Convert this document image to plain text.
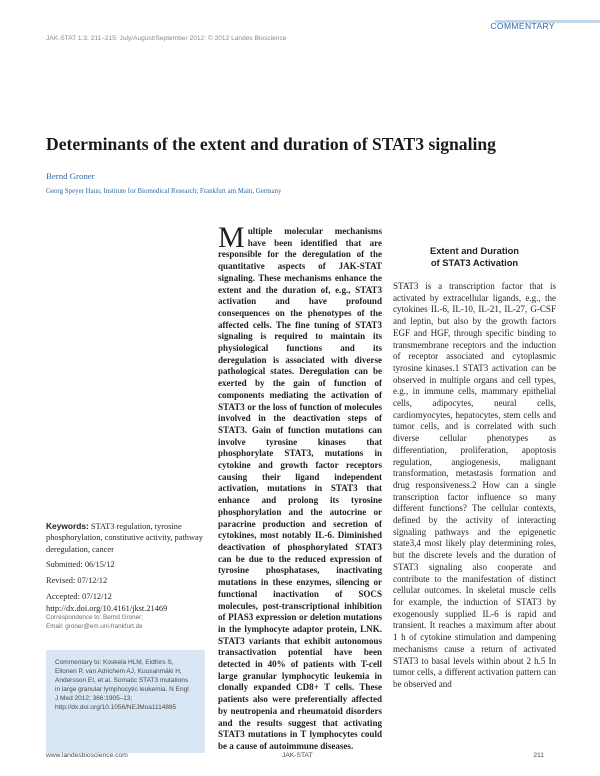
COMMENTARY
JAK-STAT 1:3, 211–215; July/August/September 2012; © 2012 Landes Bioscience
Determinants of the extent and duration of STAT3 signaling
Bernd Groner
Georg Speyer Haus; Institute for Biomedical Research; Frankfurt am Main, Germany

Multiple molecular mechanisms have been identified that are responsible for the deregulation of the quantitative aspects of JAK-STAT signaling. These mechanisms enhance the extent and the duration of, e.g., STAT3 activation and have profound consequences on the phenotypes of the affected cells. The fine tuning of STAT3 signaling is required to maintain its physiological functions and its deregulation is associated with diverse pathological states. Deregulation can be exerted by the gain of function of components mediating the activation of STAT3 or the loss of function of molecules involved in the deactivation steps of STAT3. Gain of function mutations can involve tyrosine kinases that phosphorylate STAT3, mutations in cytokine and growth factor receptors causing their ligand independent activation, mutations in STAT3 that enhance and prolong its tyrosine phosphorylation and the autocrine or paracrine production and secretion of cytokines, most notably IL-6. Diminished deactivation of phosphorylated STAT3 can be due to the reduced expression of tyrosine phosphatases, inactivating mutations in these enzymes, silencing or functional inactivation of SOCS molecules, post-transcriptional inhibition of PIAS3 expression or deletion mutations in the lymphocyte adaptor protein, LNK. STAT3 variants that exhibit autonomous transactivation potential have been detected in 40% of patients with T-cell large granular lymphocytic leukemia in clonally expanded CD8+ T cells. These patients also were preferentially affected by neutropenia and rheumatoid disorders and the results suggest that activating STAT3 mutations in T lymphocytes could be a cause of autoimmune diseases.

Extent and Duration
of STAT3 Activation

STAT3 is a transcription factor that is activated by extracellular ligands, e.g., the cytokines IL-6, IL-10, IL-21, IL-27, G-CSF and leptin, but also by the growth factors EGF and HGF, through specific binding to transmembrane receptors and the induction of receptor associated and cytoplasmic tyrosine kinases.1 STAT3 activation can be observed in multiple organs and cell types, e.g., in immune cells, mammary epithelial cells, adipocytes, neural cells, cardiomyocytes, hepatocytes, stem cells and tumor cells, and is correlated with such diverse cellular phenotypes as differentiation, proliferation, apoptosis regulation, angiogenesis, malignant transformation, metastasis formation and drug responsiveness.2 How can a single transcription factor influence so many different functions? The cellular contexts, defined by the activity of interacting signaling pathways and the epigenetic state3,4 most likely play determining roles, but the discrete levels and the duration of STAT3 signaling also cooperate and contribute to the manifestation of distinct cellular outcomes. In skeletal muscle cells for example, the induction of STAT3 by exogenously supplied IL-6 is rapid and transient. It reaches a maximum after about 1 h of cytokine stimulation and dampening mechanisms cause a return of activated STAT3 to basal levels within about 2 h.5 In tumor cells, a different activation pattern can be observed and

Keywords: STAT3 regulation, tyrosine phosphorylation, constitutive activity, pathway deregulation, cancer
Submitted: 06/15/12
Revised: 07/12/12
Accepted: 07/12/12
http://dx.doi.org/10.4161/jkst.21469
Correspondence to: Bernd Groner;
Email: groner@em.uni-frankfurt.de
Commentary to: Koskela HLM, Eldfors S, Ellonen P, van Adrichem AJ, Kuusanmäki H, Andersson EI, et al. Somatic STAT3 mutations in large granular lymphocytic leukemia. N Engl J Med 2012; 366:1905–13; http://dx.doi.org/10.1056/NEJMoa1114885
www.landesbioscience.com	JAK-STAT	211
